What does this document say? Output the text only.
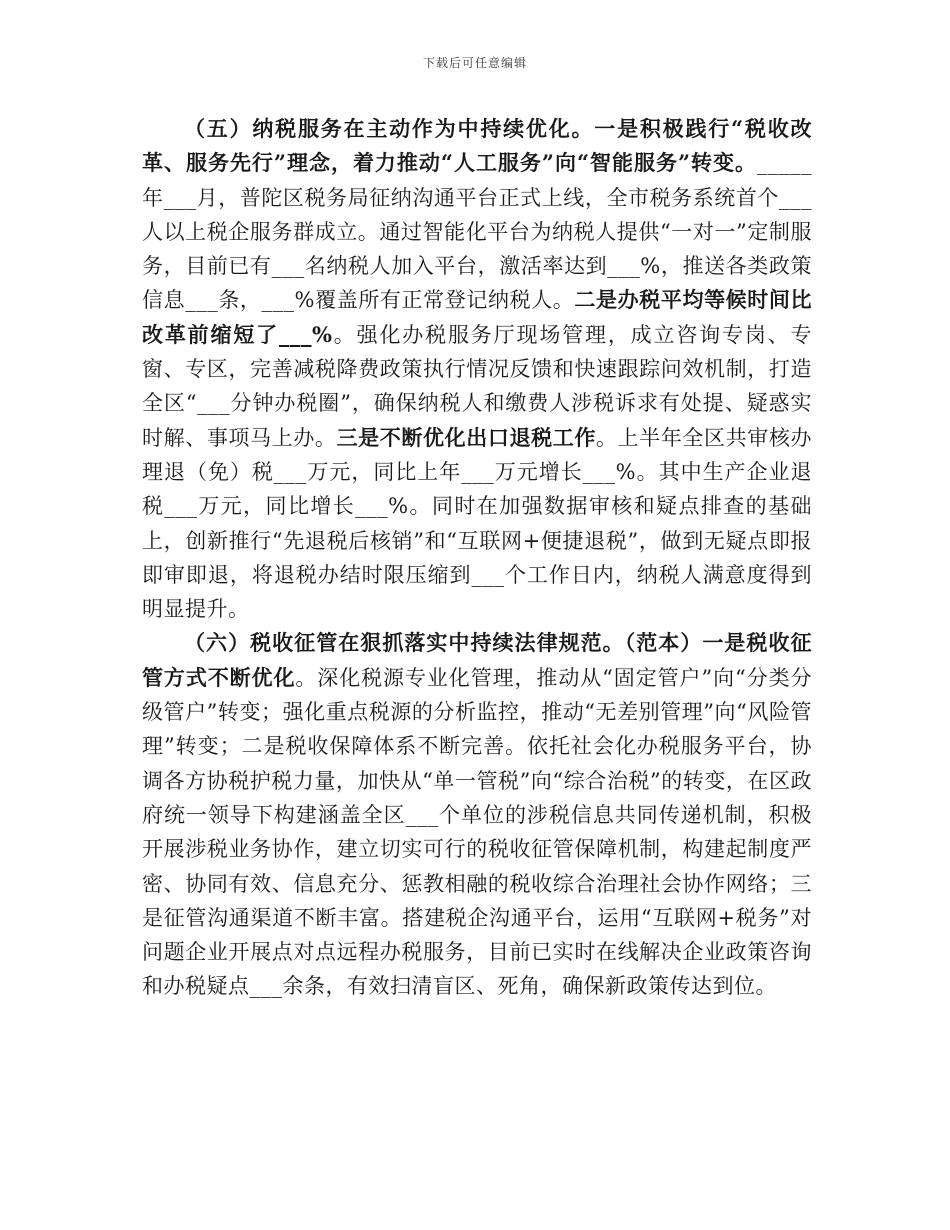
下载后可任意编辑

（五）纳税服务在主动作为中持续优化。一是积极践行“税收改革、服务先行”理念，着力推动“人工服务”向“智能服务”转变。_____年___月，普陀区税务局征纳沟通平台正式上线，全市税务系统首个___人以上税企服务群成立。通过智能化平台为纳税人提供“一对一”定制服务，目前已有___名纳税人加入平台，激活率达到___%，推送各类政策信息___条，___%覆盖所有正常登记纳税人。二是办税平均等候时间比改革前缩短了___%。强化办税服务厅现场管理，成立咨询专岗、专窗、专区，完善减税降费政策执行情况反馈和快速跟踪问效机制，打造全区“___分钟办税圈”，确保纳税人和缴费人涉税诉求有处提、疑惑实时解、事项马上办。三是不断优化出口退税工作。上半年全区共审核办理退（免）税___万元，同比上年___万元增长___%。其中生产企业退税___万元，同比增长___%。同时在加强数据审核和疑点排查的基础上，创新推行“先退税后核销”和“互联网+便捷退税”，做到无疑点即报即审即退，将退税办结时限压缩到___个工作日内，纳税人满意度得到明显提升。

（六）税收征管在狠抓落实中持续法律规范。（范本）一是税收征管方式不断优化。深化税源专业化管理，推动从“固定管户”向“分类分级管户”转变；强化重点税源的分析监控，推动“无差别管理”向“风险管理”转变；二是税收保障体系不断完善。依托社会化办税服务平台，协调各方协税护税力量，加快从“单一管税”向“综合治税”的转变，在区政府统一领导下构建涵盖全区___个单位的涉税信息共同传递机制，积极开展涉税业务协作，建立切实可行的税收征管保障机制，构建起制度严密、协同有效、信息充分、惩教相融的税收综合治理社会协作网络；三是征管沟通渠道不断丰富。搭建税企沟通平台，运用“互联网+税务”对问题企业开展点对点远程办税服务，目前已实时在线解决企业政策咨询和办税疑点___余条，有效扫清盲区、死角，确保新政策传达到位。
